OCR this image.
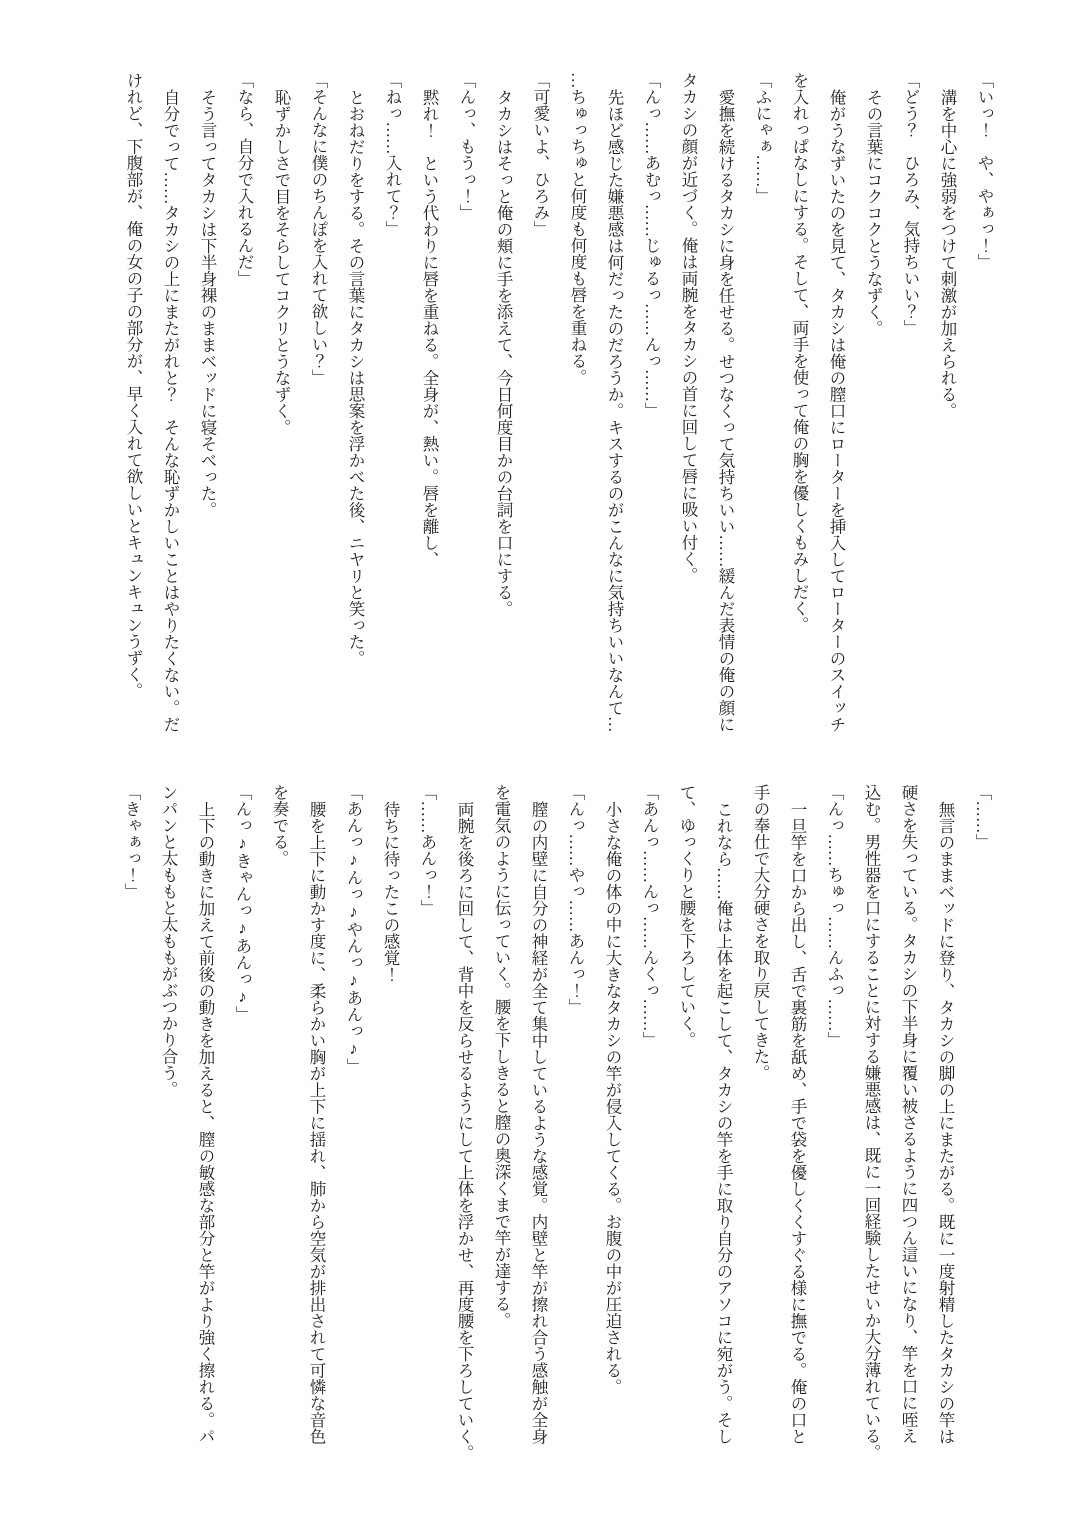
「いっ！　や、やぁっ！」

溝を中心に強弱をつけて刺激が加えられる。

「どう？　ひろみ、気持ちいい？」

その言葉にコクコクとうなずく。

俺がうなずいたのを見て、タカシは俺の膣口にローターを挿入してローターのスイッチ

を入れっぱなしにする。そして、両手を使って俺の胸を優しくもみしだく。

「ふにゃぁ……」

愛撫を続けるタカシに身を任せる。せつなくって気持ちいい……緩んだ表情の俺の顔に

タカシの顔が近づく。俺は両腕をタカシの首に回して唇に吸い付く。

「んっ……あむっ……じゅるっ……んっ……」

先ほど感じた嫌悪感は何だったのだろうか。キスするのがこんなに気持ちいいなんて…

…ちゅっちゅと何度も何度も唇を重ねる。

「可愛いよ、ひろみ」

タカシはそっと俺の頬に手を添えて、今日何度目かの台詞を口にする。

「んっ、もうっ！」

黙れ！　という代わりに唇を重ねる。全身が、熱い。唇を離し、

「ねっ……入れて？」

とおねだりをする。その言葉にタカシは思案を浮かべた後、ニヤリと笑った。

「そんなに僕のちんぽを入れて欲しい？」

恥ずかしさで目をそらしてコクリとうなずく。

「なら、自分で入れるんだ」

そう言ってタカシは下半身裸のままベッドに寝そべった。

自分でって……タカシの上にまたがれと？　そんな恥ずかしいことはやりたくない。だ

けれど、下腹部が、俺の女の子の部分が、早く入れて欲しいとキュンキュンうずく。

「……」

無言のままベッドに登り、タカシの脚の上にまたがる。既に一度射精したタカシの竿は

硬さを失っている。タカシの下半身に覆い被さるように四つん這いになり、竿を口に咥え

込む。男性器を口にすることに対する嫌悪感は、既に一回経験したせいか大分薄れている。

「んっ……ちゅっ……んふっ……」

一旦竿を口から出し、舌で裏筋を舐め、手で袋を優しくくすぐる様に撫でる。俺の口と

手の奉仕で大分硬さを取り戻してきた。

これなら……俺は上体を起こして、タカシの竿を手に取り自分のアソコに宛がう。そし

て、ゆっくりと腰を下ろしていく。

「あんっ……んっ……んくっ……」

小さな俺の体の中に大きなタカシの竿が侵入してくる。お腹の中が圧迫される。

「んっ……やっ……あんっ！」

膣の内壁に自分の神経が全て集中しているような感覚。内壁と竿が擦れ合う感触が全身

を電気のように伝っていく。腰を下しきると膣の奥深くまで竿が達する。

両腕を後ろに回して、背中を反らせるようにして上体を浮かせ、再度腰を下ろしていく。

「……あんっ！」

待ちに待ったこの感覚！

「あんっ♪んっ♪やんっ♪あんっ♪」

腰を上下に動かす度に、柔らかい胸が上下に揺れ、肺から空気が排出されて可憐な音色

を奏でる。

「んっ♪きゃんっ♪あんっ♪」

上下の動きに加えて前後の動きを加えると、膣の敏感な部分と竿がより強く擦れる。パ

ンパンと太ももと太ももがぶつかり合う。

「きゃぁっ！」
